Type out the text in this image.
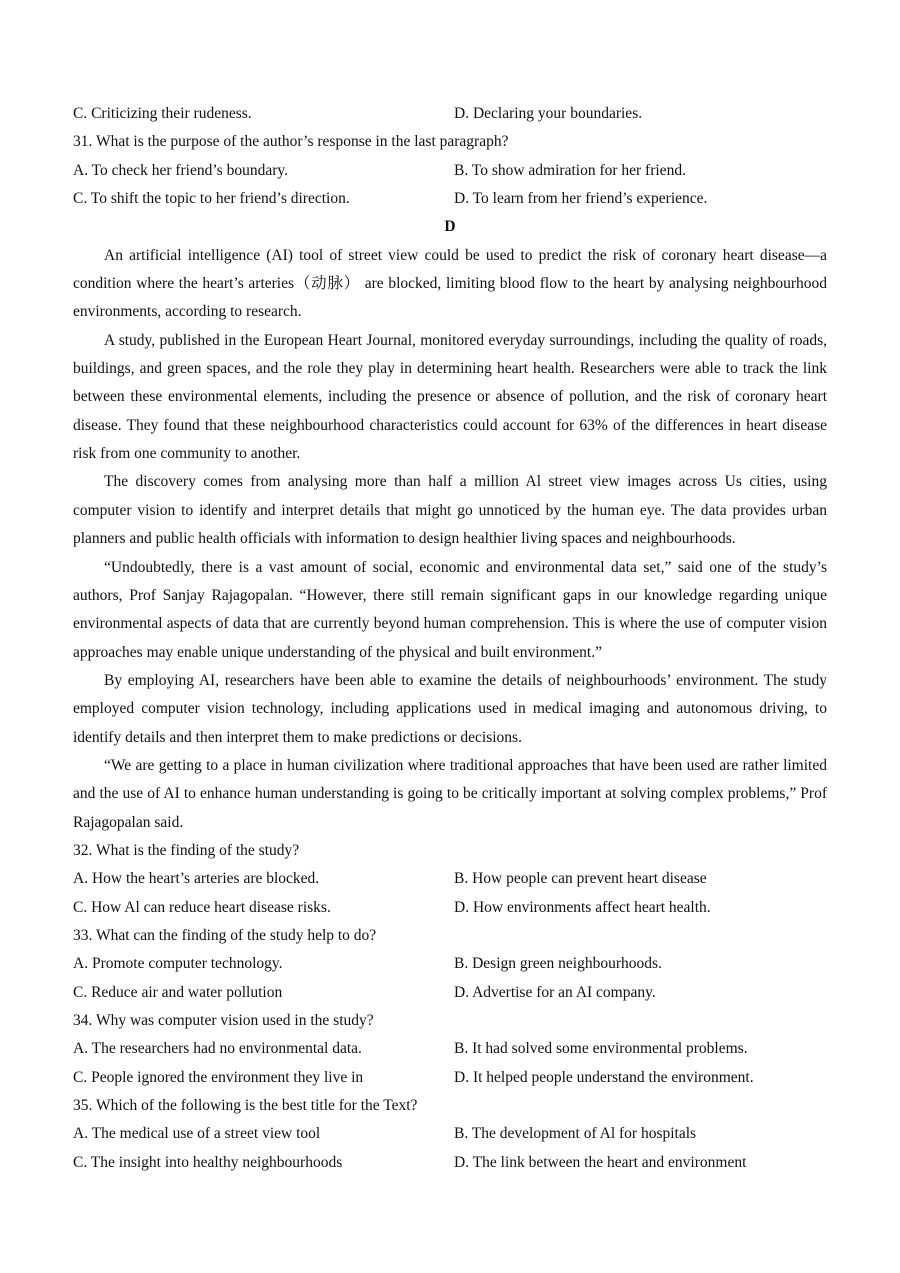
C. Criticizing their rudeness.	D. Declaring your boundaries.
31. What is the purpose of the author’s response in the last paragraph?
A. To check her friend’s boundary.	B. To show admiration for her friend.
C. To shift the topic to her friend’s direction.	D. To learn from her friend’s experience.
D

An artificial intelligence (AI) tool of street view could be used to predict the risk of coronary heart disease—a condition where the heart’s arteries（动脉） are blocked, limiting blood flow to the heart by analysing neighbourhood environments, according to research.

A study, published in the European Heart Journal, monitored everyday surroundings, including the quality of roads, buildings, and green spaces, and the role they play in determining heart health. Researchers were able to track the link between these environmental elements, including the presence or absence of pollution, and the risk of coronary heart disease. They found that these neighbourhood characteristics could account for 63% of the differences in heart disease risk from one community to another.

The discovery comes from analysing more than half a million Al street view images across Us cities, using computer vision to identify and interpret details that might go unnoticed by the human eye. The data provides urban planners and public health officials with information to design healthier living spaces and neighbourhoods.

“Undoubtedly, there is a vast amount of social, economic and environmental data set,” said one of the study’s authors, Prof Sanjay Rajagopalan. “However, there still remain significant gaps in our knowledge regarding unique environmental aspects of data that are currently beyond human comprehension. This is where the use of computer vision approaches may enable unique understanding of the physical and built environment.”

By employing AI, researchers have been able to examine the details of neighbourhoods’ environment. The study employed computer vision technology, including applications used in medical imaging and autonomous driving, to identify details and then interpret them to make predictions or decisions.

“We are getting to a place in human civilization where traditional approaches that have been used are rather limited and the use of AI to enhance human understanding is going to be critically important at solving complex problems,” Prof Rajagopalan said.

32. What is the finding of the study?
A. How the heart’s arteries are blocked.	B. How people can prevent heart disease
C. How Al can reduce heart disease risks.	D. How environments affect heart health.
33. What can the finding of the study help to do?
A. Promote computer technology.	B. Design green neighbourhoods.
C. Reduce air and water pollution	D. Advertise for an AI company.
34. Why was computer vision used in the study?
A. The researchers had no environmental data.	B. It had solved some environmental problems.
C. People ignored the environment they live in	D. It helped people understand the environment.
35. Which of the following is the best title for the Text?
A. The medical use of a street view tool	B. The development of Al for hospitals
C. The insight into healthy neighbourhoods	D. The link between the heart and environment
